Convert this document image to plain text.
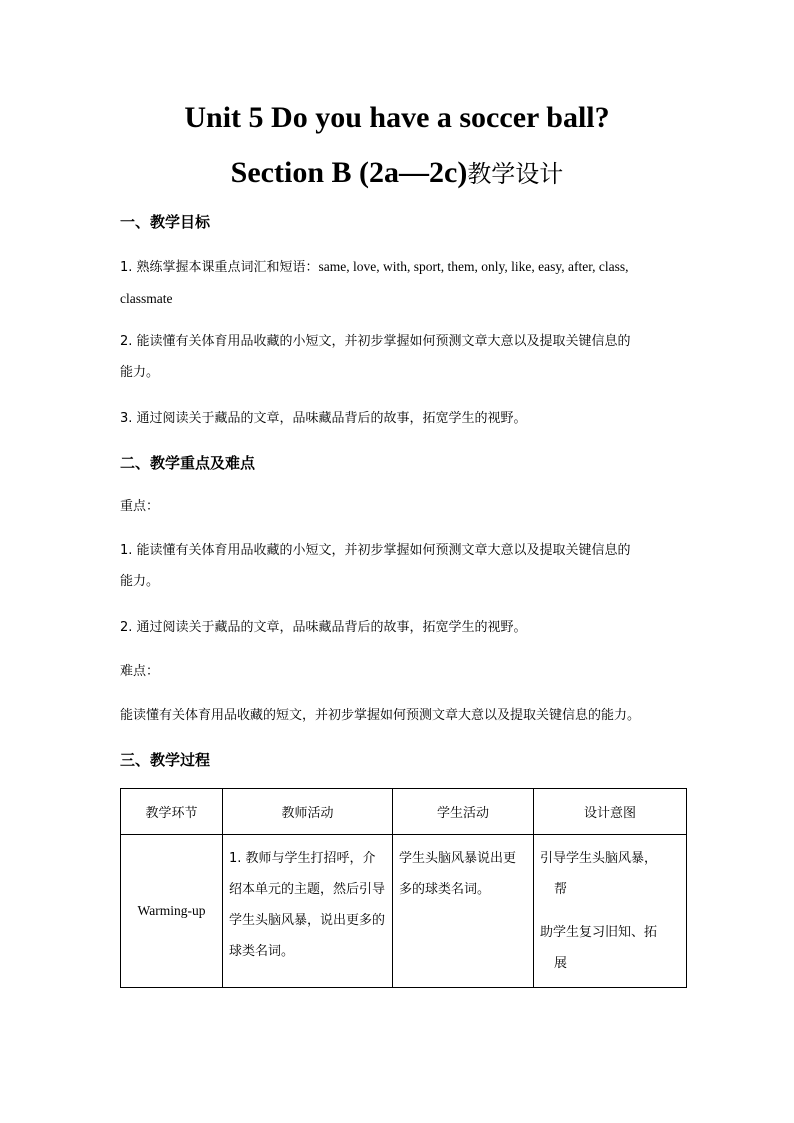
Unit 5 Do you have a soccer ball?
Section B (2a—2c)教学设计
一、教学目标

1. 熟练掌握本课重点词汇和短语：same, love, with, sport, them, only, like, easy, after, class,
classmate

2. 能读懂有关体育用品收藏的小短文，并初步掌握如何预测文章大意以及提取关键信息的
能力。

3. 通过阅读关于藏品的文章，品味藏品背后的故事，拓宽学生的视野。

二、教学重点及难点

重点：

1. 能读懂有关体育用品收藏的小短文，并初步掌握如何预测文章大意以及提取关键信息的
能力。

2. 通过阅读关于藏品的文章，品味藏品背后的故事，拓宽学生的视野。

难点：

能读懂有关体育用品收藏的短文，并初步掌握如何预测文章大意以及提取关键信息的能力。

三、教学过程
教学环节	教师活动	学生活动	设计意图
Warming-up	1. 教师与学生打招呼，介绍本单元的主题，然后引导学生头脑风暴，说出更多的球类名词。	学生头脑风暴说出更多的球类名词。	引导学生头脑风暴，

帮

助学生复习旧知、拓

展
